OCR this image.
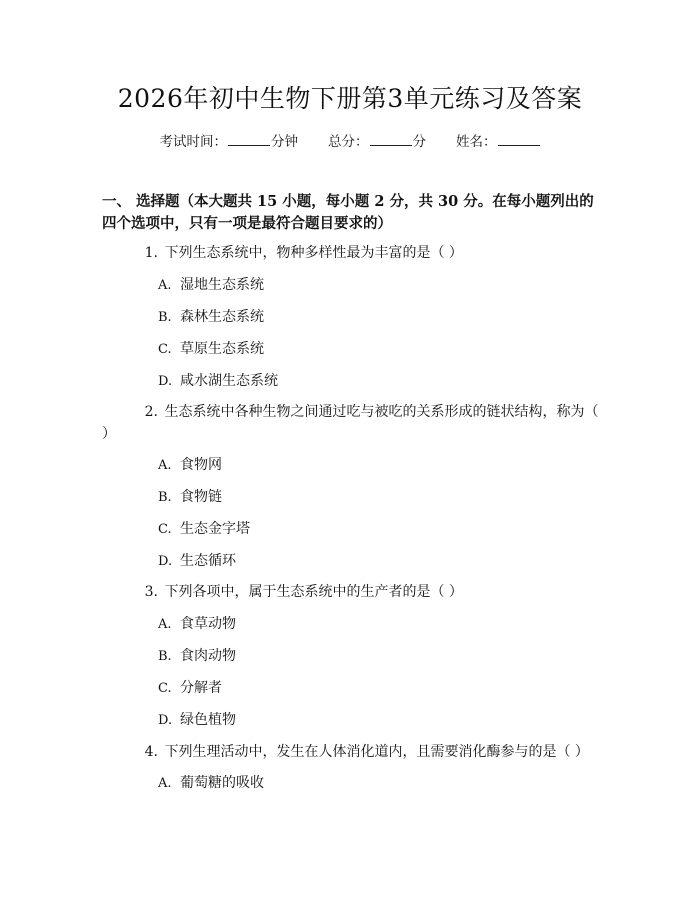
2026年初中生物下册第3单元练习及答案
考试时间：	分钟 总分：	分 姓名：
一、 选择题（本大题共 15 小题，每小题 2 分，共 30 分。在每小题列出的四个选项中，只有一项是最符合题目要求的）
1. 下列生态系统中，物种多样性最为丰富的是（ ）
A. 湿地生态系统
B. 森林生态系统
C. 草原生态系统
D. 咸水湖生态系统
2. 生态系统中各种生物之间通过吃与被吃的关系形成的链状结构，称为（ ）
A. 食物网
B. 食物链
C. 生态金字塔
D. 生态循环
3. 下列各项中，属于生态系统中的生产者的是（ ）
A. 食草动物
B. 食肉动物
C. 分解者
D. 绿色植物
4. 下列生理活动中，发生在人体消化道内，且需要消化酶参与的是（ ）
A. 葡萄糖的吸收
